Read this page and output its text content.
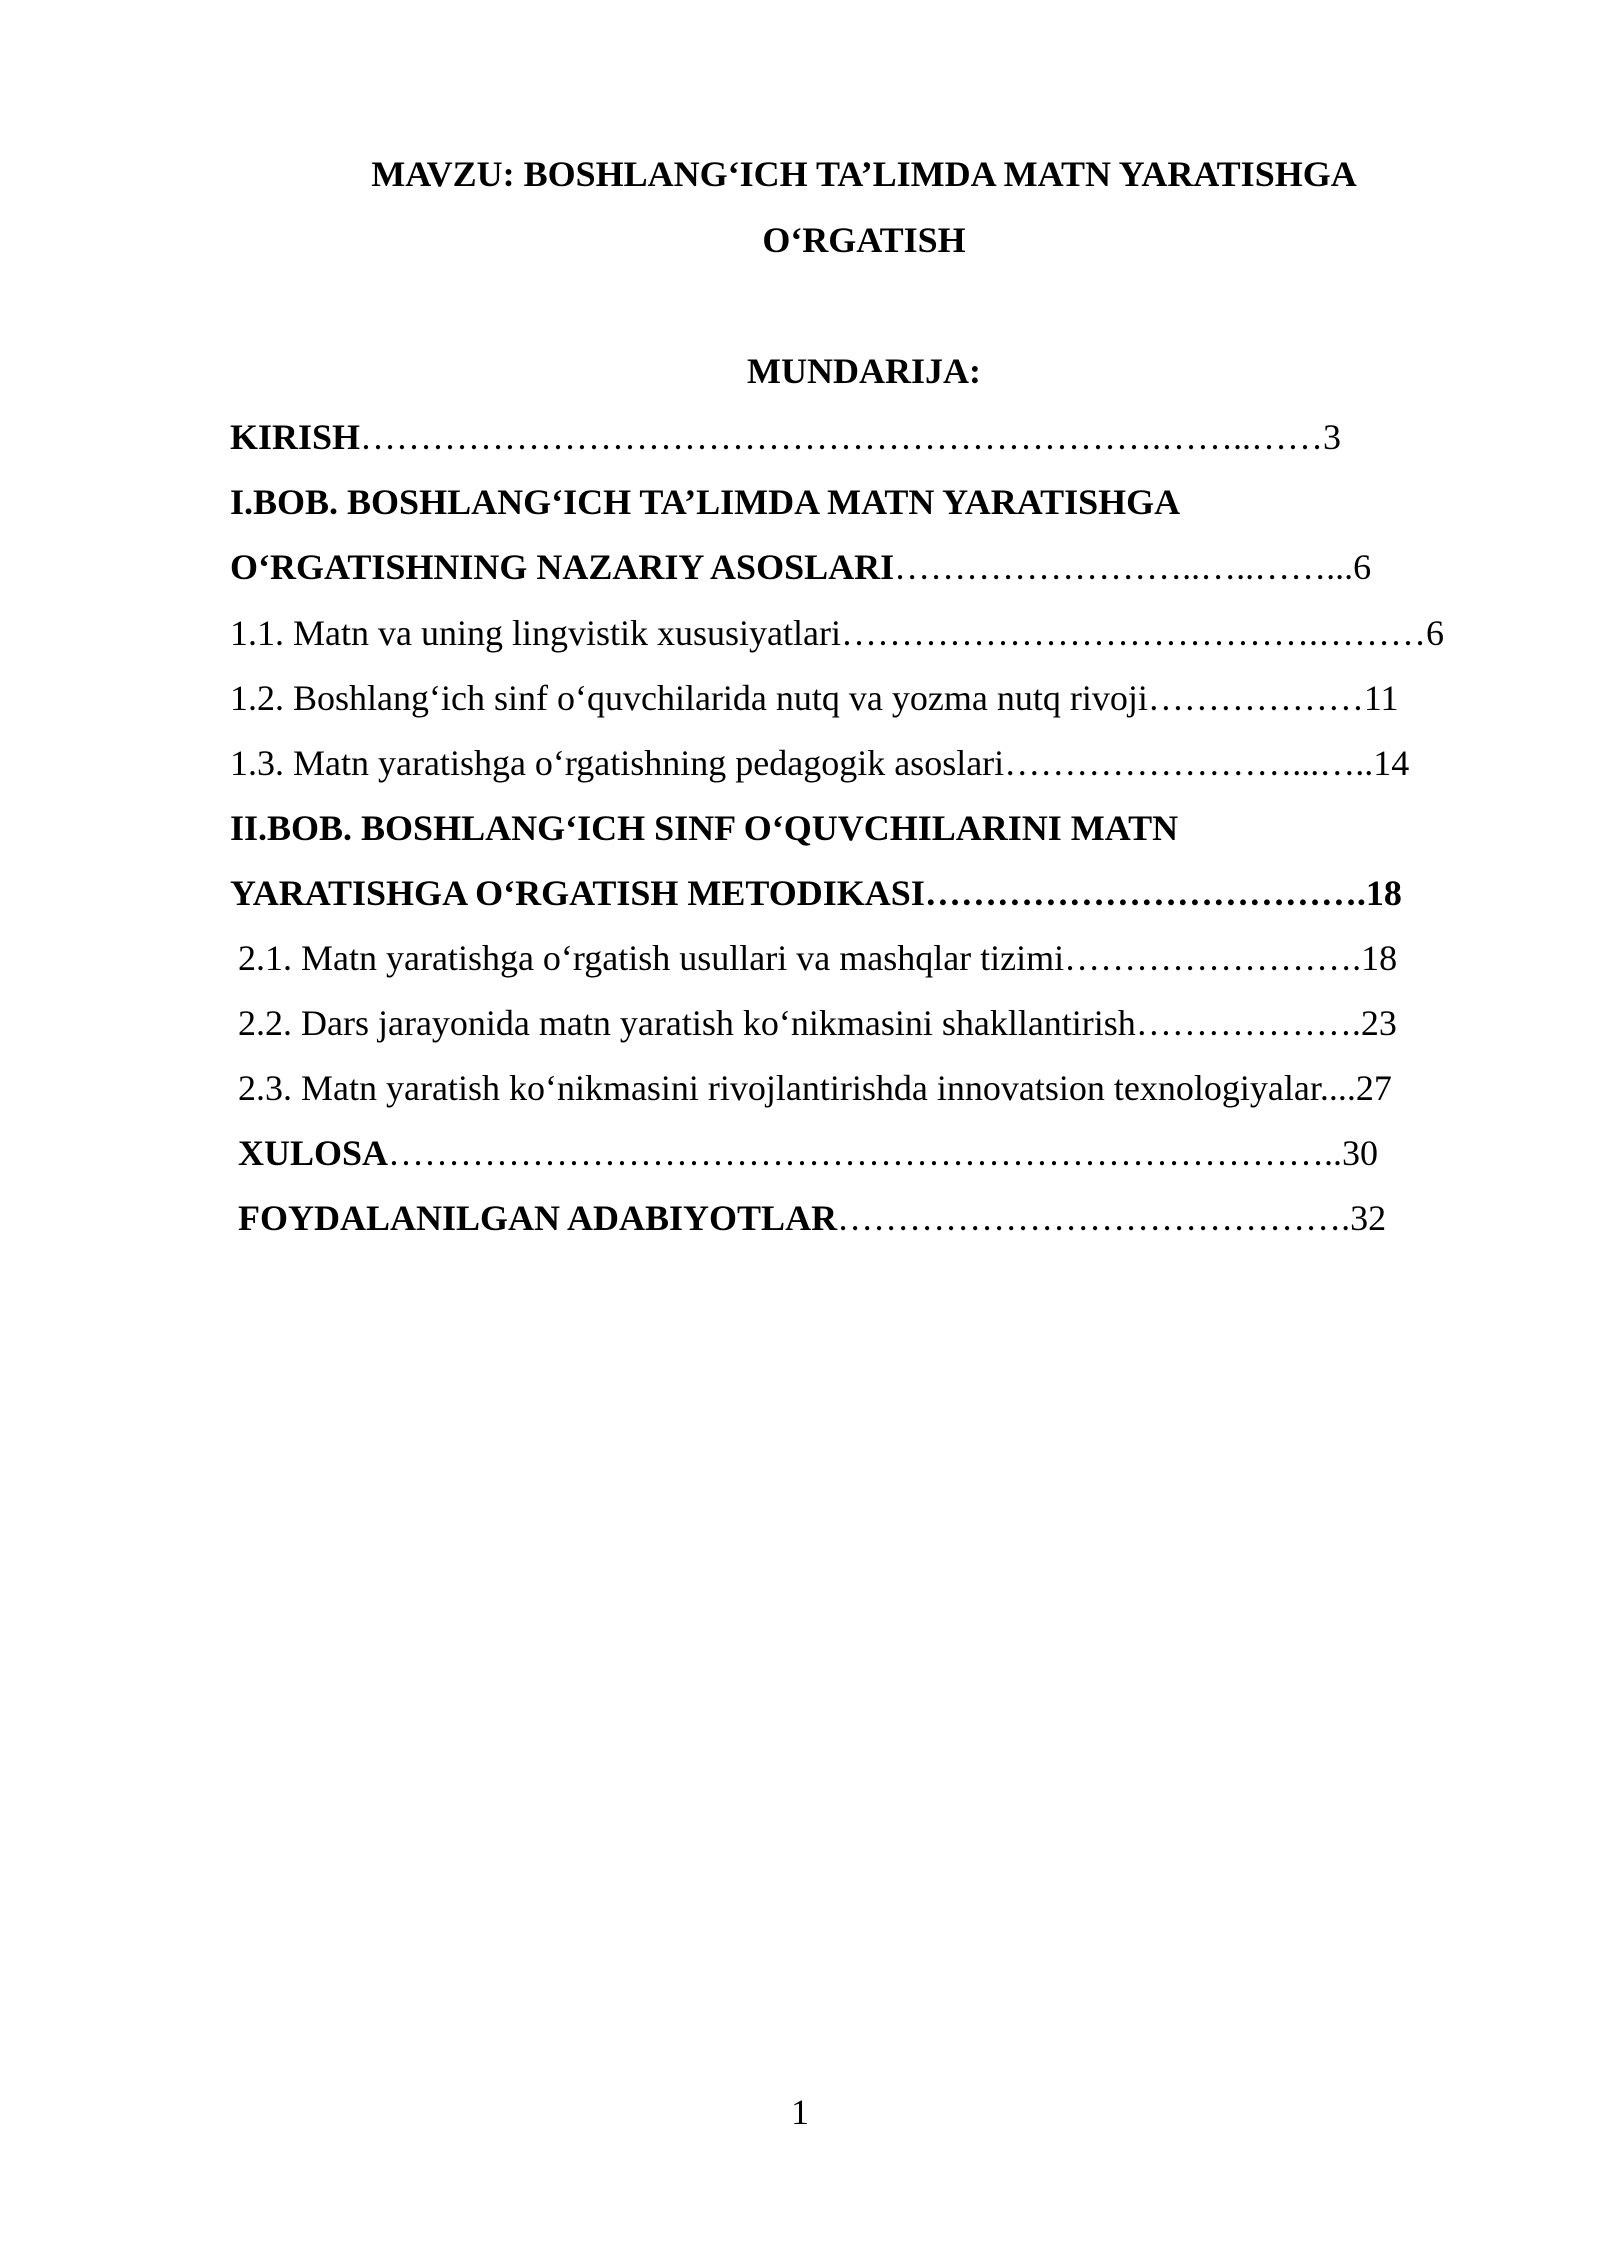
MAVZU: BOSHLANG‘ICH TA’LIMDA MATN YARATISHGA
O‘RGATISH
MUNDARIJA:
KIRISH………………………………………………………….……..……3
I.BOB. BOSHLANG‘ICH TA’LIMDA MATN YARATISHGA
O‘RGATISHNING NAZARIY ASOSLARI……………………..…..……...6
1.1. Matn va uning lingvistik xususiyatlari………………………………….………6
1.2. Boshlang‘ich sinf o‘quvchilarida nutq va yozma nutq rivoji………………11
1.3. Matn yaratishga o‘rgatishning pedagogik asoslari……………………...…..14
II.BOB. BOSHLANG‘ICH SINF O‘QUVCHILARINI MATN
YARATISHGA O‘RGATISH METODIKASI……………………………….18
2.1. Matn yaratishga o‘rgatish usullari va mashqlar tizimi…………………….18
2.2. Dars jarayonida matn yaratish ko‘nikmasini shakllantirish……………….23
2.3. Matn yaratish ko‘nikmasini rivojlantirishda innovatsion texnologiyalar....27
XULOSA……………………………………………………………………..30
FOYDALANILGAN ADABIYOTLAR…………………………………….32
1
